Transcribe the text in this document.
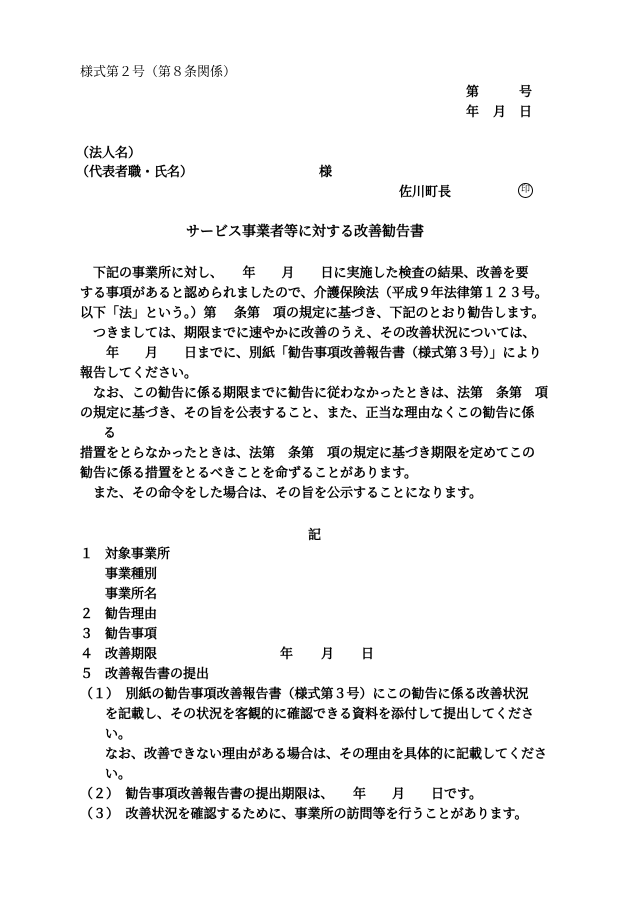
様式第２号（第８条関係）
第	号
年 月 日
（法人名）
（代表者職・氏名）	様
佐川町長	印
サービス事業者等に対する改善勧告書
　下記の事業所に対し、　　年　　月　　日に実施した検査の結果、改善を要
する事項があると認められましたので、介護保険法（平成９年法律第１２３号。
以下「法」という。）第　 条第　項の規定に基づき、下記のとおり勧告します。
　つきましては、期限までに速やかに改善のうえ、その改善状況については、
　　年　　月　　日までに、別紙「勧告事項改善報告書（様式第３号）」により
報告してください。
　なお、この勧告に係る期限までに勧告に従わなかったときは、法第　条第　項
の規定に基づき、その旨を公表すること、また、正当な理由なくこの勧告に係
　る
措置をとらなかったときは、法第　条第　項の規定に基づき期限を定めてこの
勧告に係る措置をとるべきことを命ずることがあります。
　また、その命令をした場合は、その旨を公示することになります。
記
１ 対象事業所
事業種別
事業所名
２ 勧告理由
３ 勧告事項
４ 改善期限	年 月 日
５ 改善報告書の提出
（１）　別紙の勧告事項改善報告書（様式第３号）にこの勧告に係る改善状況
を記載し、その状況を客観的に確認できる資料を添付して提出してくださ
い。
なお、改善できない理由がある場合は、その理由を具体的に記載してくださ
い。
（２）　勧告事項改善報告書の提出期限は、　　年　　月　　日です。
（３）　改善状況を確認するために、事業所の訪問等を行うことがあります。
